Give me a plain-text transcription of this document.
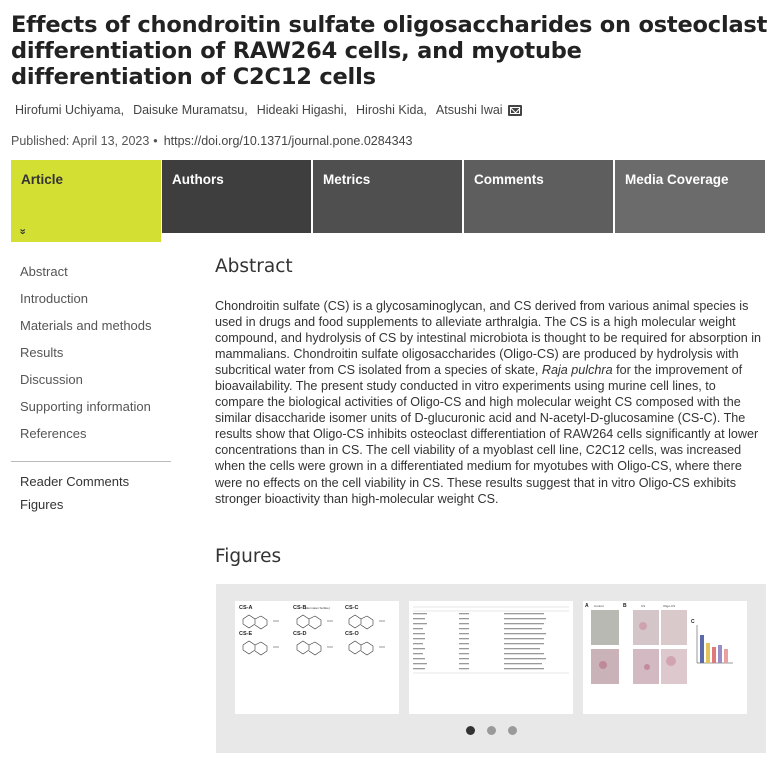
Effects of chondroitin sulfate oligosaccharides on osteoclast
differentiation of RAW264 cells, and myotube
differentiation of C2C12 cells
Hirofumi Uchiyama, Daisuke Muramatsu, Hideaki Higashi, Hiroshi Kida, Atsushi Iwai
Published: April 13, 2023 • https://doi.org/10.1371/journal.pone.0284343
Article
»
Authors	Metrics	Comments	Media Coverage
Abstract
Introduction
Materials and methods
Results
Discussion
Supporting information
References
Reader Comments
Figures
Abstract

Chondroitin sulfate (CS) is a glycosaminoglycan, and CS derived from various animal species is used in drugs and food supplements to alleviate arthralgia. The CS is a high molecular weight compound, and hydrolysis of CS by intestinal microbiota is thought to be required for absorption in mammalians. Chondroitin sulfate oligosaccharides (Oligo-CS) are produced by hydrolysis with subcritical water from CS isolated from a species of skate, Raja pulchra for the improvement of bioavailability. The present study conducted in vitro experiments using murine cell lines, to compare the biological activities of Oligo-CS and high molecular weight CS composed with the similar disaccharide isomer units of D-glucuronic acid and N-acetyl-D-glucosamine (CS-C). The results show that Oligo-CS inhibits osteoclast differentiation of RAW264 cells significantly at lower concentrations than in CS. The cell viability of a myoblast cell line, C2C12 cells, was increased when the cells were grown in a differentiated medium for myotubes with Oligo-CS, where there were no effects on the cell viability in CS. These results suggest that in vitro Oligo-CS exhibits stronger bioactivity than high-molecular weight CS.

Figures
CS-A	CS-B	CS-C
CS-E	CS-D	CS-O
(dermatan Sulfate)	A	B
C
Control	CS	Oligo-CS
